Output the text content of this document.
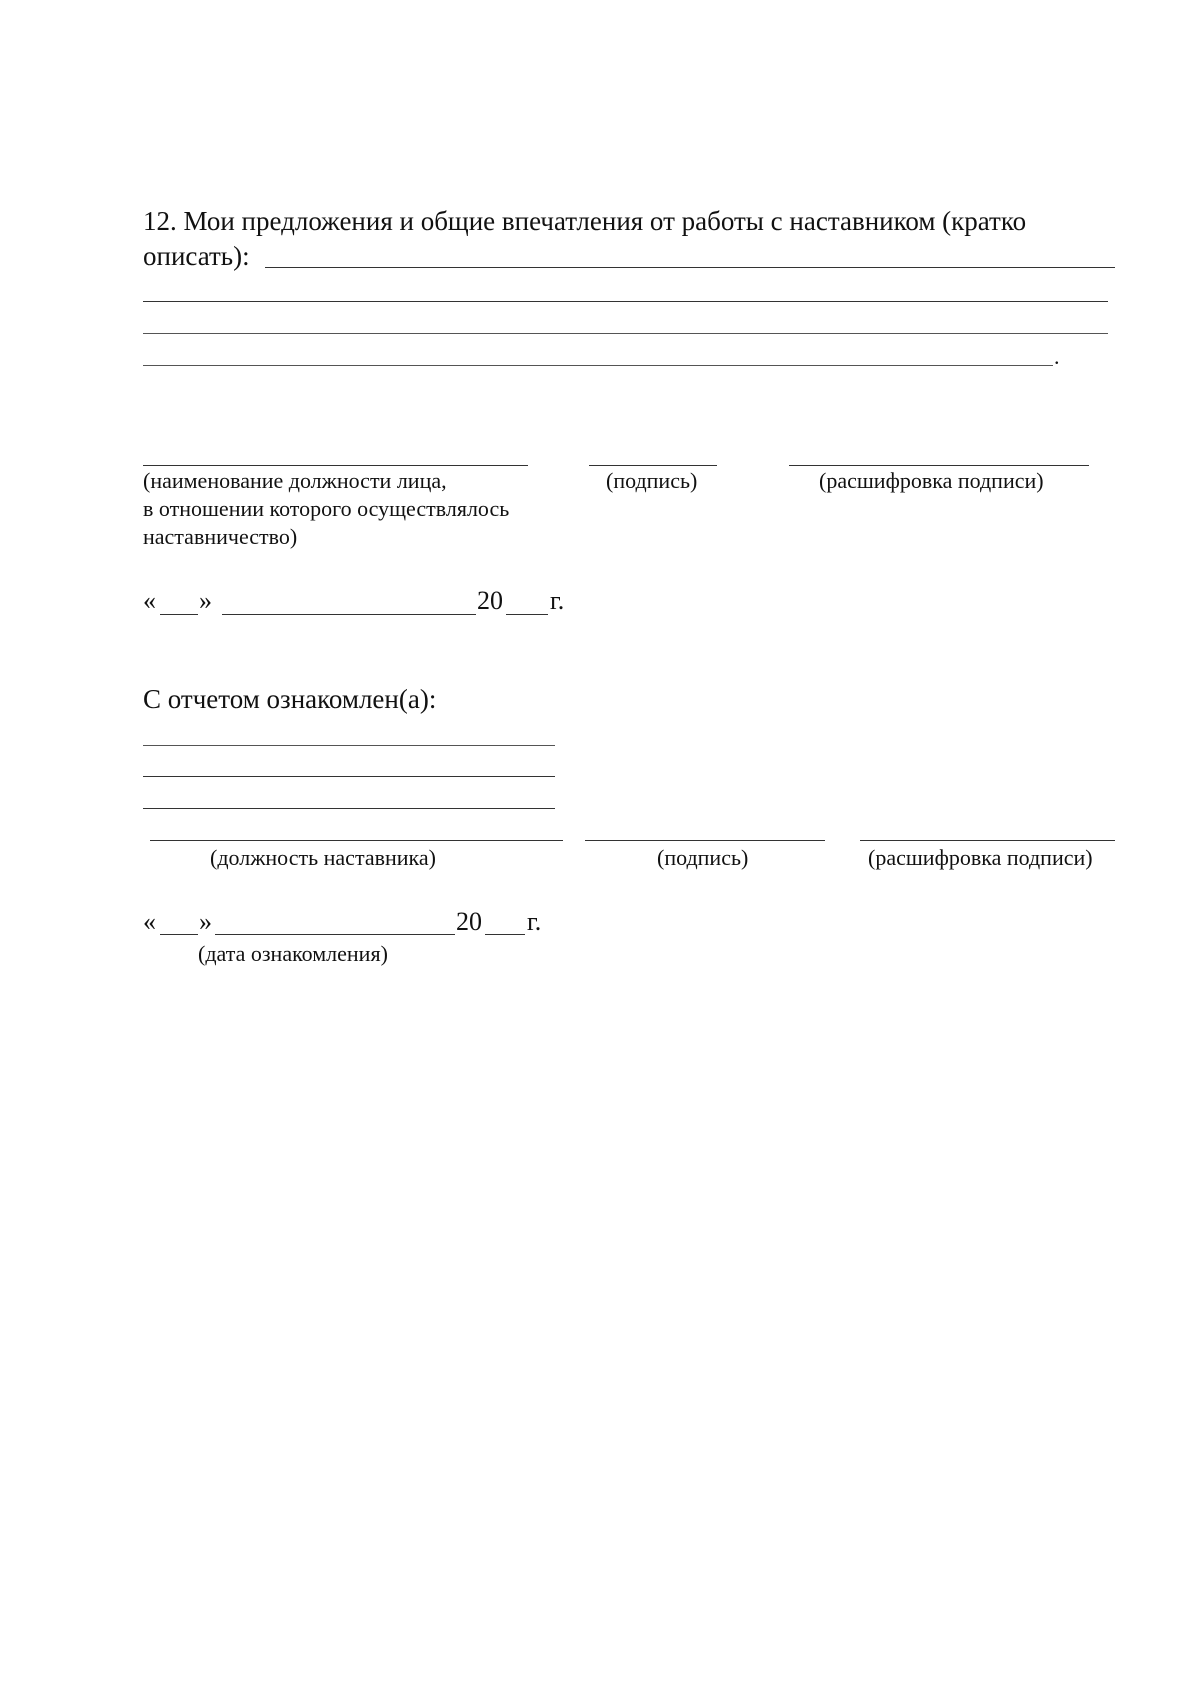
12. Мои предложения и общие впечатления от работы с наставником (кратко
описать):
.
(наименование должности лица,
в отношении которого осуществлялось
наставничество)
(подпись)	(расшифровка подписи)
« »	20 г.
С отчетом ознакомлен(а):
(должность наставника)	(подпись)	(расшифровка подписи)
« »	20 г.
(дата ознакомления)
